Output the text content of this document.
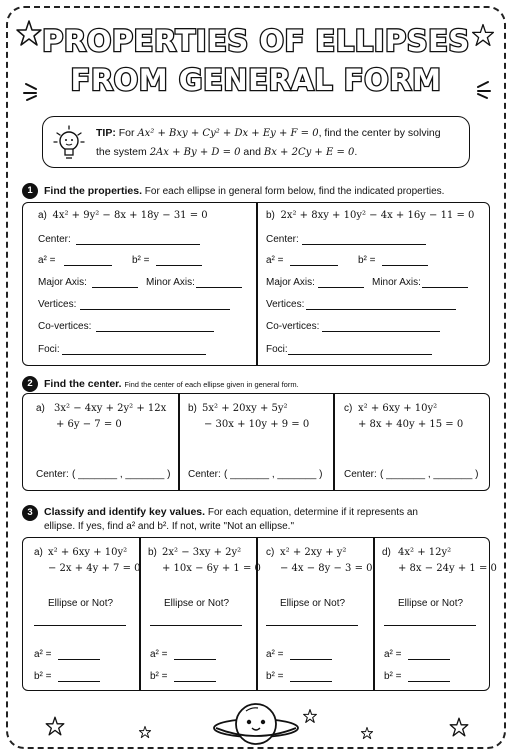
PROPERTIES OF ELLIPSES
FROM GENERAL FORM
TIP: For Ax² + Bxy + Cy² + Dx + Ey + F = 0, find the center by solving
the system 2Ax + By + D = 0 and Bx + 2Cy + E = 0.
1	Find the properties. For each ellipse in general form below, find the indicated properties.
a) 4x² + 9y² − 8x + 18y − 31 = 0
Center:
a² =	b² =
Major Axis:	Minor Axis:
Vertices:
Co-vertices:
Foci:
b) 2x² + 8xy + 10y² − 4x + 16y − 11 = 0
Center:
a² =	b² =
Major Axis:	Minor Axis:
Vertices:
Co-vertices:
Foci:
2	Find the center. Find the center of each ellipse given in general form.
a) 3x² − 4xy + 2y² + 12x
+ 6y − 7 = 0
Center: ( _______ , _______ )
b) 5x² + 20xy + 5y²
− 30x + 10y + 9 = 0
Center: ( _______ , _______ )
c) x² + 6xy + 10y²
+ 8x + 40y + 15 = 0
Center: ( _______ , _______ )
3	Classify and identify key values. For each equation, determine if it represents an
ellipse. If yes, find a² and b². If not, write "Not an ellipse."
a) x² + 6xy + 10y²
− 2x + 4y + 7 = 0
Ellipse or Not?
a² =
b² =
b) 2x² − 3xy + 2y²
+ 10x − 6y + 1 = 0
Ellipse or Not?
a² =
b² =
c) x² + 2xy + y²
− 4x − 8y − 3 = 0
Ellipse or Not?
a² =
b² =
d) 4x² + 12y²
+ 8x − 24y + 1 = 0
Ellipse or Not?
a² =
b² =
